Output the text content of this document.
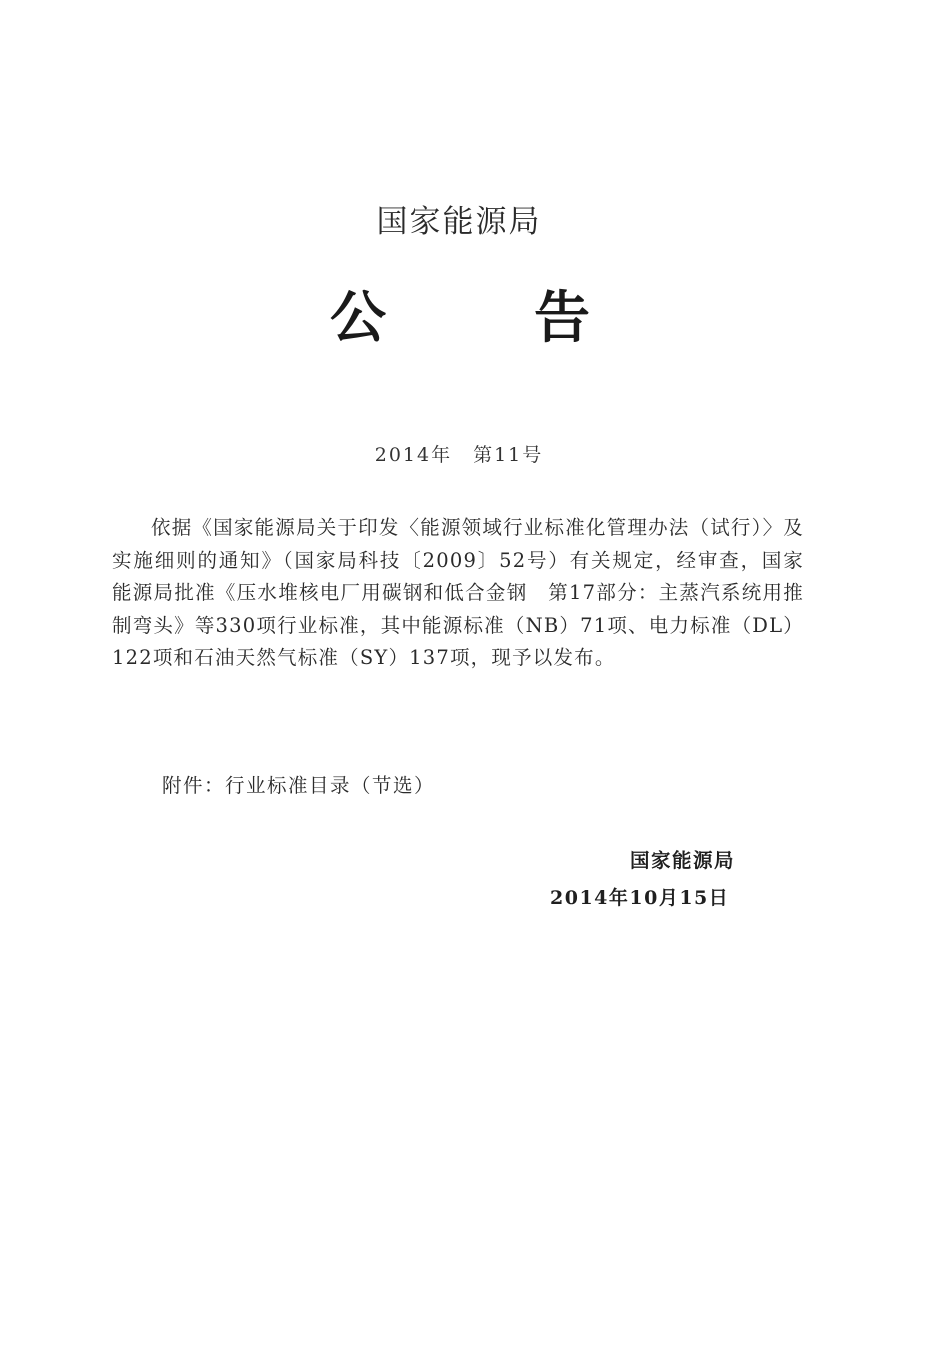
国家能源局
公	告
2014年　第11号

依据《国家能源局关于印发〈能源领域行业标准化管理办法（试行）〉及实施细则的通知》（国家局科技〔2009〕52号）有关规定，经审查，国家能源局批准《压水堆核电厂用碳钢和低合金钢　第17部分：主蒸汽系统用推制弯头》等330项行业标准，其中能源标准（NB）71项、电力标准（DL）122项和石油天然气标准（SY）137项，现予以发布。

附件：行业标准目录（节选）
国家能源局
2014年10月15日
